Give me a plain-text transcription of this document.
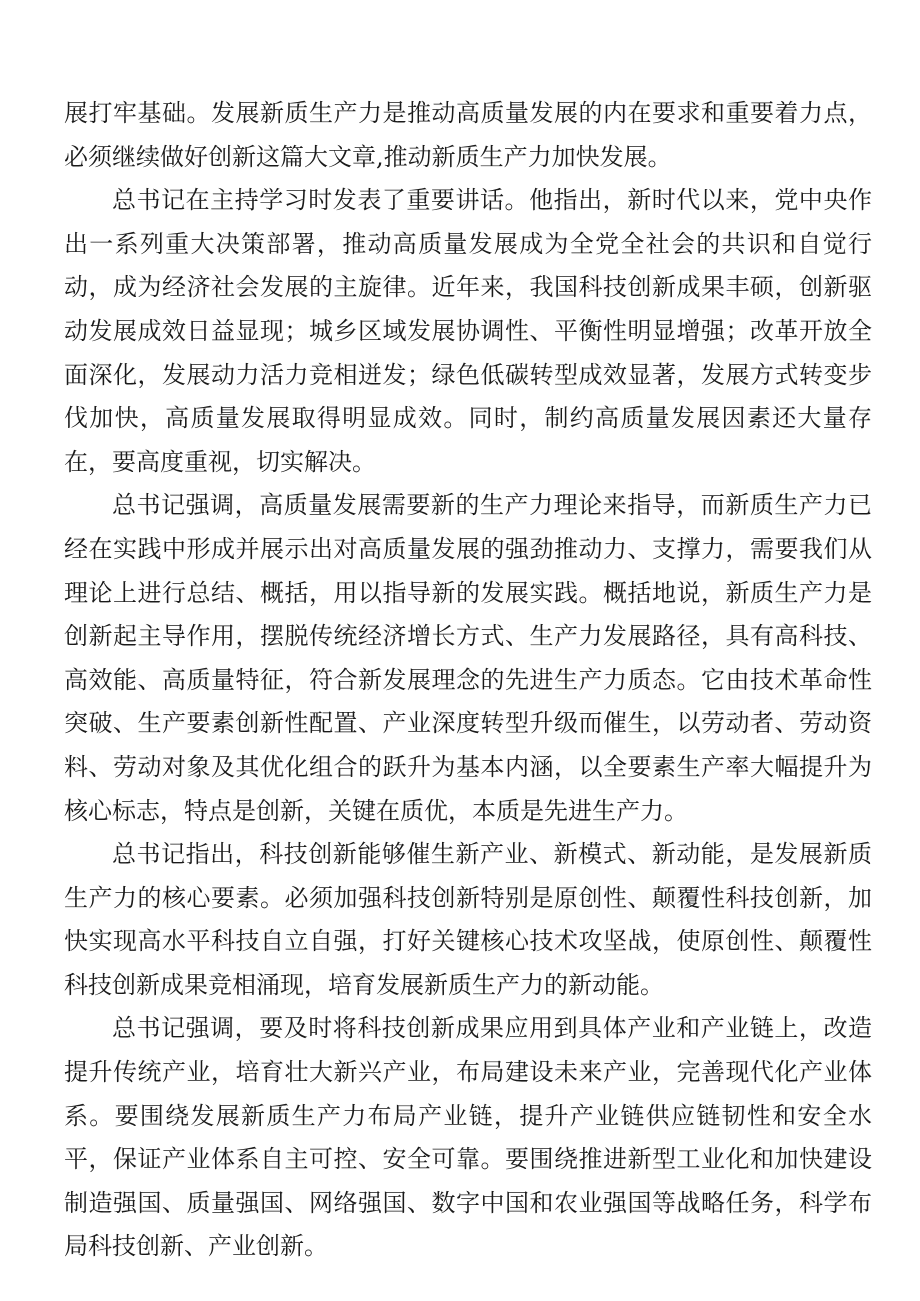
展打牢基础。发展新质生产力是推动高质量发展的内在要求和重要着力点，必须继续做好创新这篇大文章,推动新质生产力加快发展。

总书记在主持学习时发表了重要讲话。他指出，新时代以来，党中央作出一系列重大决策部署，推动高质量发展成为全党全社会的共识和自觉行动，成为经济社会发展的主旋律。近年来，我国科技创新成果丰硕，创新驱动发展成效日益显现；城乡区域发展协调性、平衡性明显增强；改革开放全面深化，发展动力活力竞相迸发；绿色低碳转型成效显著，发展方式转变步伐加快，高质量发展取得明显成效。同时，制约高质量发展因素还大量存在，要高度重视，切实解决。

总书记强调，高质量发展需要新的生产力理论来指导，而新质生产力已经在实践中形成并展示出对高质量发展的强劲推动力、支撑力，需要我们从理论上进行总结、概括，用以指导新的发展实践。概括地说，新质生产力是创新起主导作用，摆脱传统经济增长方式、生产力发展路径，具有高科技、高效能、高质量特征，符合新发展理念的先进生产力质态。它由技术革命性突破、生产要素创新性配置、产业深度转型升级而催生，以劳动者、劳动资料、劳动对象及其优化组合的跃升为基本内涵，以全要素生产率大幅提升为核心标志，特点是创新，关键在质优，本质是先进生产力。

总书记指出，科技创新能够催生新产业、新模式、新动能，是发展新质生产力的核心要素。必须加强科技创新特别是原创性、颠覆性科技创新，加快实现高水平科技自立自强，打好关键核心技术攻坚战，使原创性、颠覆性科技创新成果竞相涌现，培育发展新质生产力的新动能。

总书记强调，要及时将科技创新成果应用到具体产业和产业链上，改造提升传统产业，培育壮大新兴产业，布局建设未来产业，完善现代化产业体系。要围绕发展新质生产力布局产业链，提升产业链供应链韧性和安全水平，保证产业体系自主可控、安全可靠。要围绕推进新型工业化和加快建设制造强国、质量强国、网络强国、数字中国和农业强国等战略任务，科学布局科技创新、产业创新。
